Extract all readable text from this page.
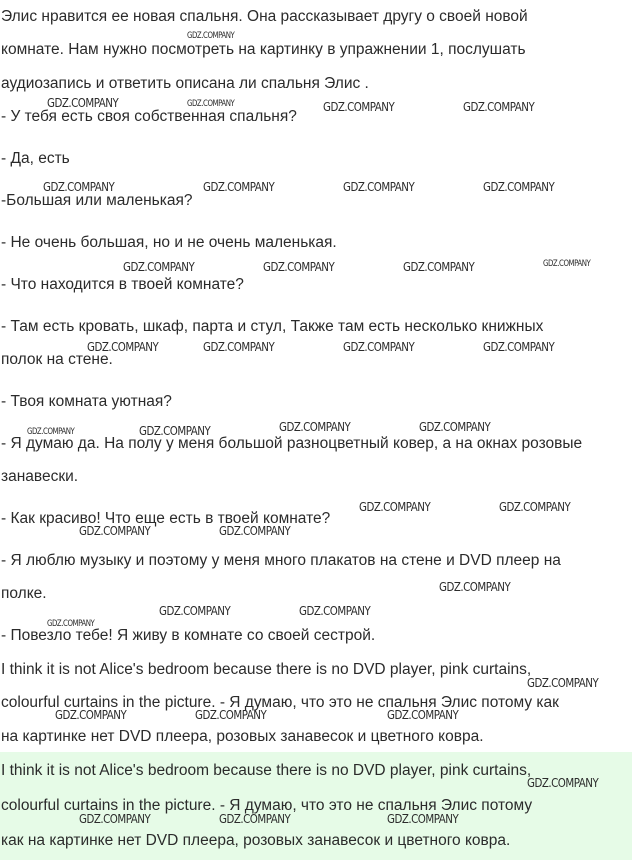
Элис нравится ее новая спальня. Она рассказывает другу о своей новой
комнате. Нам нужно посмотреть на картинку в упражнении 1, послушать
аудиозапись и ответить описана ли спальня Элис .
- У тебя есть своя собственная спальня?
- Да, есть
-Большая или маленькая?
- Не очень большая, но и не очень маленькая.
- Что находится в твоей комнате?
- Там есть кровать, шкаф, парта и стул, Также там есть несколько книжных
полок на стене.
- Твоя комната уютная?
- Я думаю да. На полу у меня большой разноцветный ковер, а на окнах розовые
занавески.
- Как красиво! Что еще есть в твоей комнате?
- Я люблю музыку и поэтому у меня много плакатов на стене и DVD плеер на
полке.
- Повезло тебе! Я живу в комнате со своей сестрой.
I think it is not Alice's bedroom because there is no DVD player, pink curtains,
colourful curtains in the picture. - Я думаю, что это не спальня Элис потому как
на картинке нет DVD плеера, розовых занавесок и цветного ковра.
I think it is not Alice's bedroom because there is no DVD player, pink curtains,
colourful curtains in the picture. - Я думаю, что это не спальня Элис потому
как на картинке нет DVD плеера, розовых занавесок и цветного ковра.
GDZ.COMPANY
GDZ.COMPANY	GDZ.COMPANY	GDZ.COMPANY	GDZ.COMPANY
GDZ.COMPANY	GDZ.COMPANY	GDZ.COMPANY	GDZ.COMPANY
GDZ.COMPANY	GDZ.COMPANY	GDZ.COMPANY	GDZ.COMPANY
GDZ.COMPANY	GDZ.COMPANY	GDZ.COMPANY	GDZ.COMPANY
GDZ.COMPANY	GDZ.COMPANY	GDZ.COMPANY	GDZ.COMPANY
GDZ.COMPANY	GDZ.COMPANY
GDZ.COMPANY	GDZ.COMPANY
GDZ.COMPANY
GDZ.COMPANY	GDZ.COMPANY
GDZ.COMPANY
GDZ.COMPANY
GDZ.COMPANY	GDZ.COMPANY	GDZ.COMPANY
GDZ.COMPANY
GDZ.COMPANY	GDZ.COMPANY	GDZ.COMPANY
